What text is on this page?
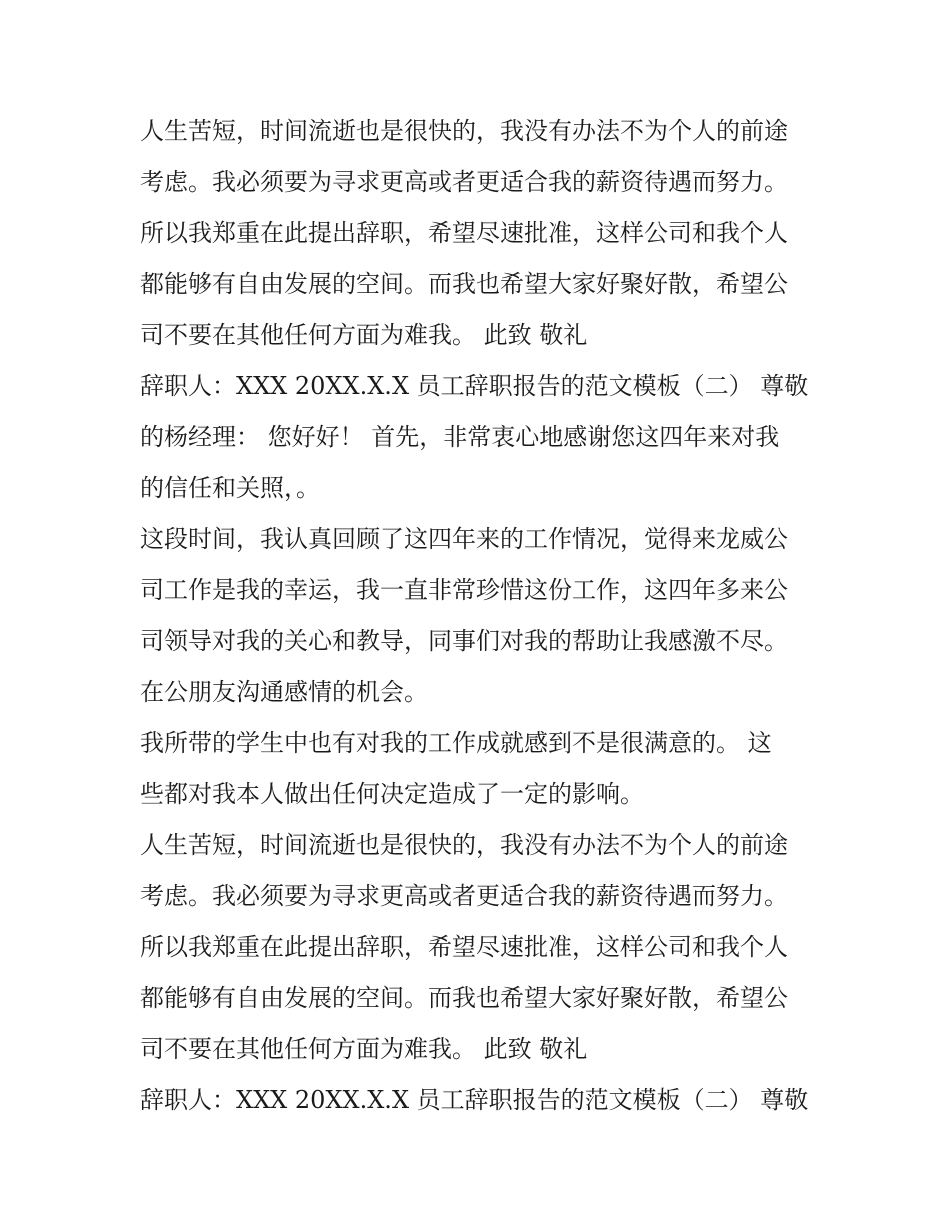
人生苦短，时间流逝也是很快的，我没有办法不为个人的前途
考虑。我必须要为寻求更高或者更适合我的薪资待遇而努力。
所以我郑重在此提出辞职，希望尽速批准，这样公司和我个人
都能够有自由发展的空间。而我也希望大家好聚好散，希望公
司不要在其他任何方面为难我。 此致 敬礼
辞职人：XXX 20XX.X.X 员工辞职报告的范文模板（二） 尊敬
的杨经理： 您好好！ 首先，非常衷心地感谢您这四年来对我
的信任和关照，。
这段时间，我认真回顾了这四年来的工作情况，觉得来龙威公
司工作是我的幸运，我一直非常珍惜这份工作，这四年多来公
司领导对我的关心和教导，同事们对我的帮助让我感激不尽。
在公朋友沟通感情的机会。
我所带的学生中也有对我的工作成就感到不是很满意的。 这
些都对我本人做出任何决定造成了一定的影响。
人生苦短，时间流逝也是很快的，我没有办法不为个人的前途
考虑。我必须要为寻求更高或者更适合我的薪资待遇而努力。
所以我郑重在此提出辞职，希望尽速批准，这样公司和我个人
都能够有自由发展的空间。而我也希望大家好聚好散，希望公
司不要在其他任何方面为难我。 此致 敬礼
辞职人：XXX 20XX.X.X 员工辞职报告的范文模板（二） 尊敬
